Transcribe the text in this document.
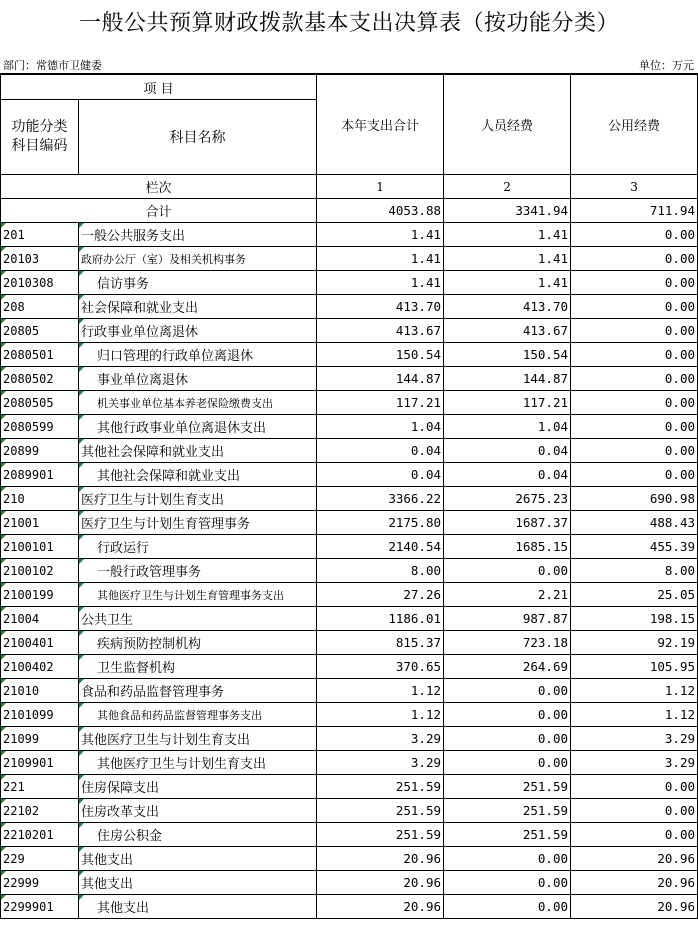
一般公共预算财政拨款基本支出决算表（按功能分类）
部门：常德市卫健委	单位：万元
项 目		本年支出合计	人员经费	公用经费
功能分类科目编码	科目名称			
栏次		1	2	3
合计		4053.88	3341.94	711.94

201	一般公共服务支出	1.41	1.41	0.00

20103	政府办公厅（室）及相关机构事务	1.41	1.41	0.00

2010308	信访事务	1.41	1.41	0.00

208	社会保障和就业支出	413.70	413.70	0.00

20805	行政事业单位离退休	413.67	413.67	0.00

2080501	归口管理的行政单位离退休	150.54	150.54	0.00

2080502	事业单位离退休	144.87	144.87	0.00

2080505	机关事业单位基本养老保险缴费支出	117.21	117.21	0.00

2080599	其他行政事业单位离退休支出	1.04	1.04	0.00

20899	其他社会保障和就业支出	0.04	0.04	0.00

2089901	其他社会保障和就业支出	0.04	0.04	0.00

210	医疗卫生与计划生育支出	3366.22	2675.23	690.98

21001	医疗卫生与计划生育管理事务	2175.80	1687.37	488.43

2100101	行政运行	2140.54	1685.15	455.39

2100102	一般行政管理事务	8.00	0.00	8.00

2100199	其他医疗卫生与计划生育管理事务支出	27.26	2.21	25.05

21004	公共卫生	1186.01	987.87	198.15

2100401	疾病预防控制机构	815.37	723.18	92.19

2100402	卫生监督机构	370.65	264.69	105.95

21010	食品和药品监督管理事务	1.12	0.00	1.12

2101099	其他食品和药品监督管理事务支出	1.12	0.00	1.12

21099	其他医疗卫生与计划生育支出	3.29	0.00	3.29

2109901	其他医疗卫生与计划生育支出	3.29	0.00	3.29

221	住房保障支出	251.59	251.59	0.00

22102	住房改革支出	251.59	251.59	0.00

2210201	住房公积金	251.59	251.59	0.00

229	其他支出	20.96	0.00	20.96

22999	其他支出	20.96	0.00	20.96

2299901	其他支出	20.96	0.00	20.96
